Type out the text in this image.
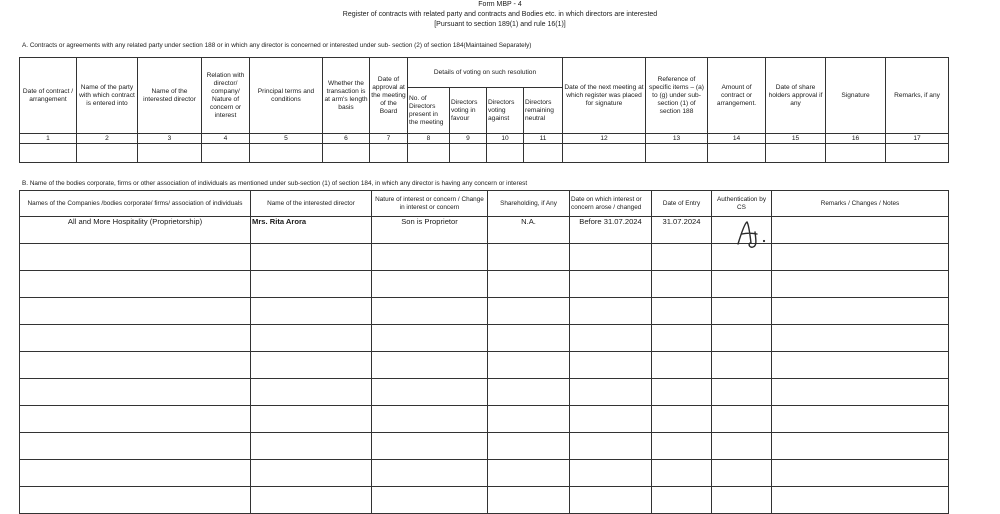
Form MBP - 4
Register of contracts with related party and contracts and Bodies etc. in which directors are interested
[Pursuant to section 189(1) and rule 16(1)]
A. Contracts or agreements with any related party under section 188 or in which any director is concerned or interested under sub- section (2) of section 184(Maintained Separately)
Date of contract / arrangement	Name of the party with which contract is entered into	Name of the interested director	Relation with director/ company/ Nature of concern or interest	Principal terms and conditions	Whether the transaction is at arm's length basis	Date of approval at the meeting of the Board	Details of voting on such resolution				Date of the next meeting at which register was placed for signature	Reference of specific items – (a) to (g) under sub-section (1) of section 188	Amount of contract or arrangement.	Date of share holders approval if any	Signature	Remarks, if any
							No. of Directors present in the meeting	Directors voting in favour	Directors voting against	Directors remaining neutral						
1	2	3	4	5	6	7	8	9	10	11	12	13	14	15	16	17

B. Name of the bodies corporate, firms or other association of individuals as mentioned under sub-section (1) of section 184, in which any director is having any concern or interest
Names of the Companies /bodies corporate/ firms/ association of individuals	Name of the interested director	Nature of interest or concern / Change in interest or concern	Shareholding, if Any	Date on which interest or concern arose / changed	Date of Entry	Authentication by CS	Remarks / Changes / Notes
All and More Hospitality (Proprietorship)	Mrs. Rita Arora	Son is Proprietor	N.A.	Before 31.07.2024	31.07.2024		
